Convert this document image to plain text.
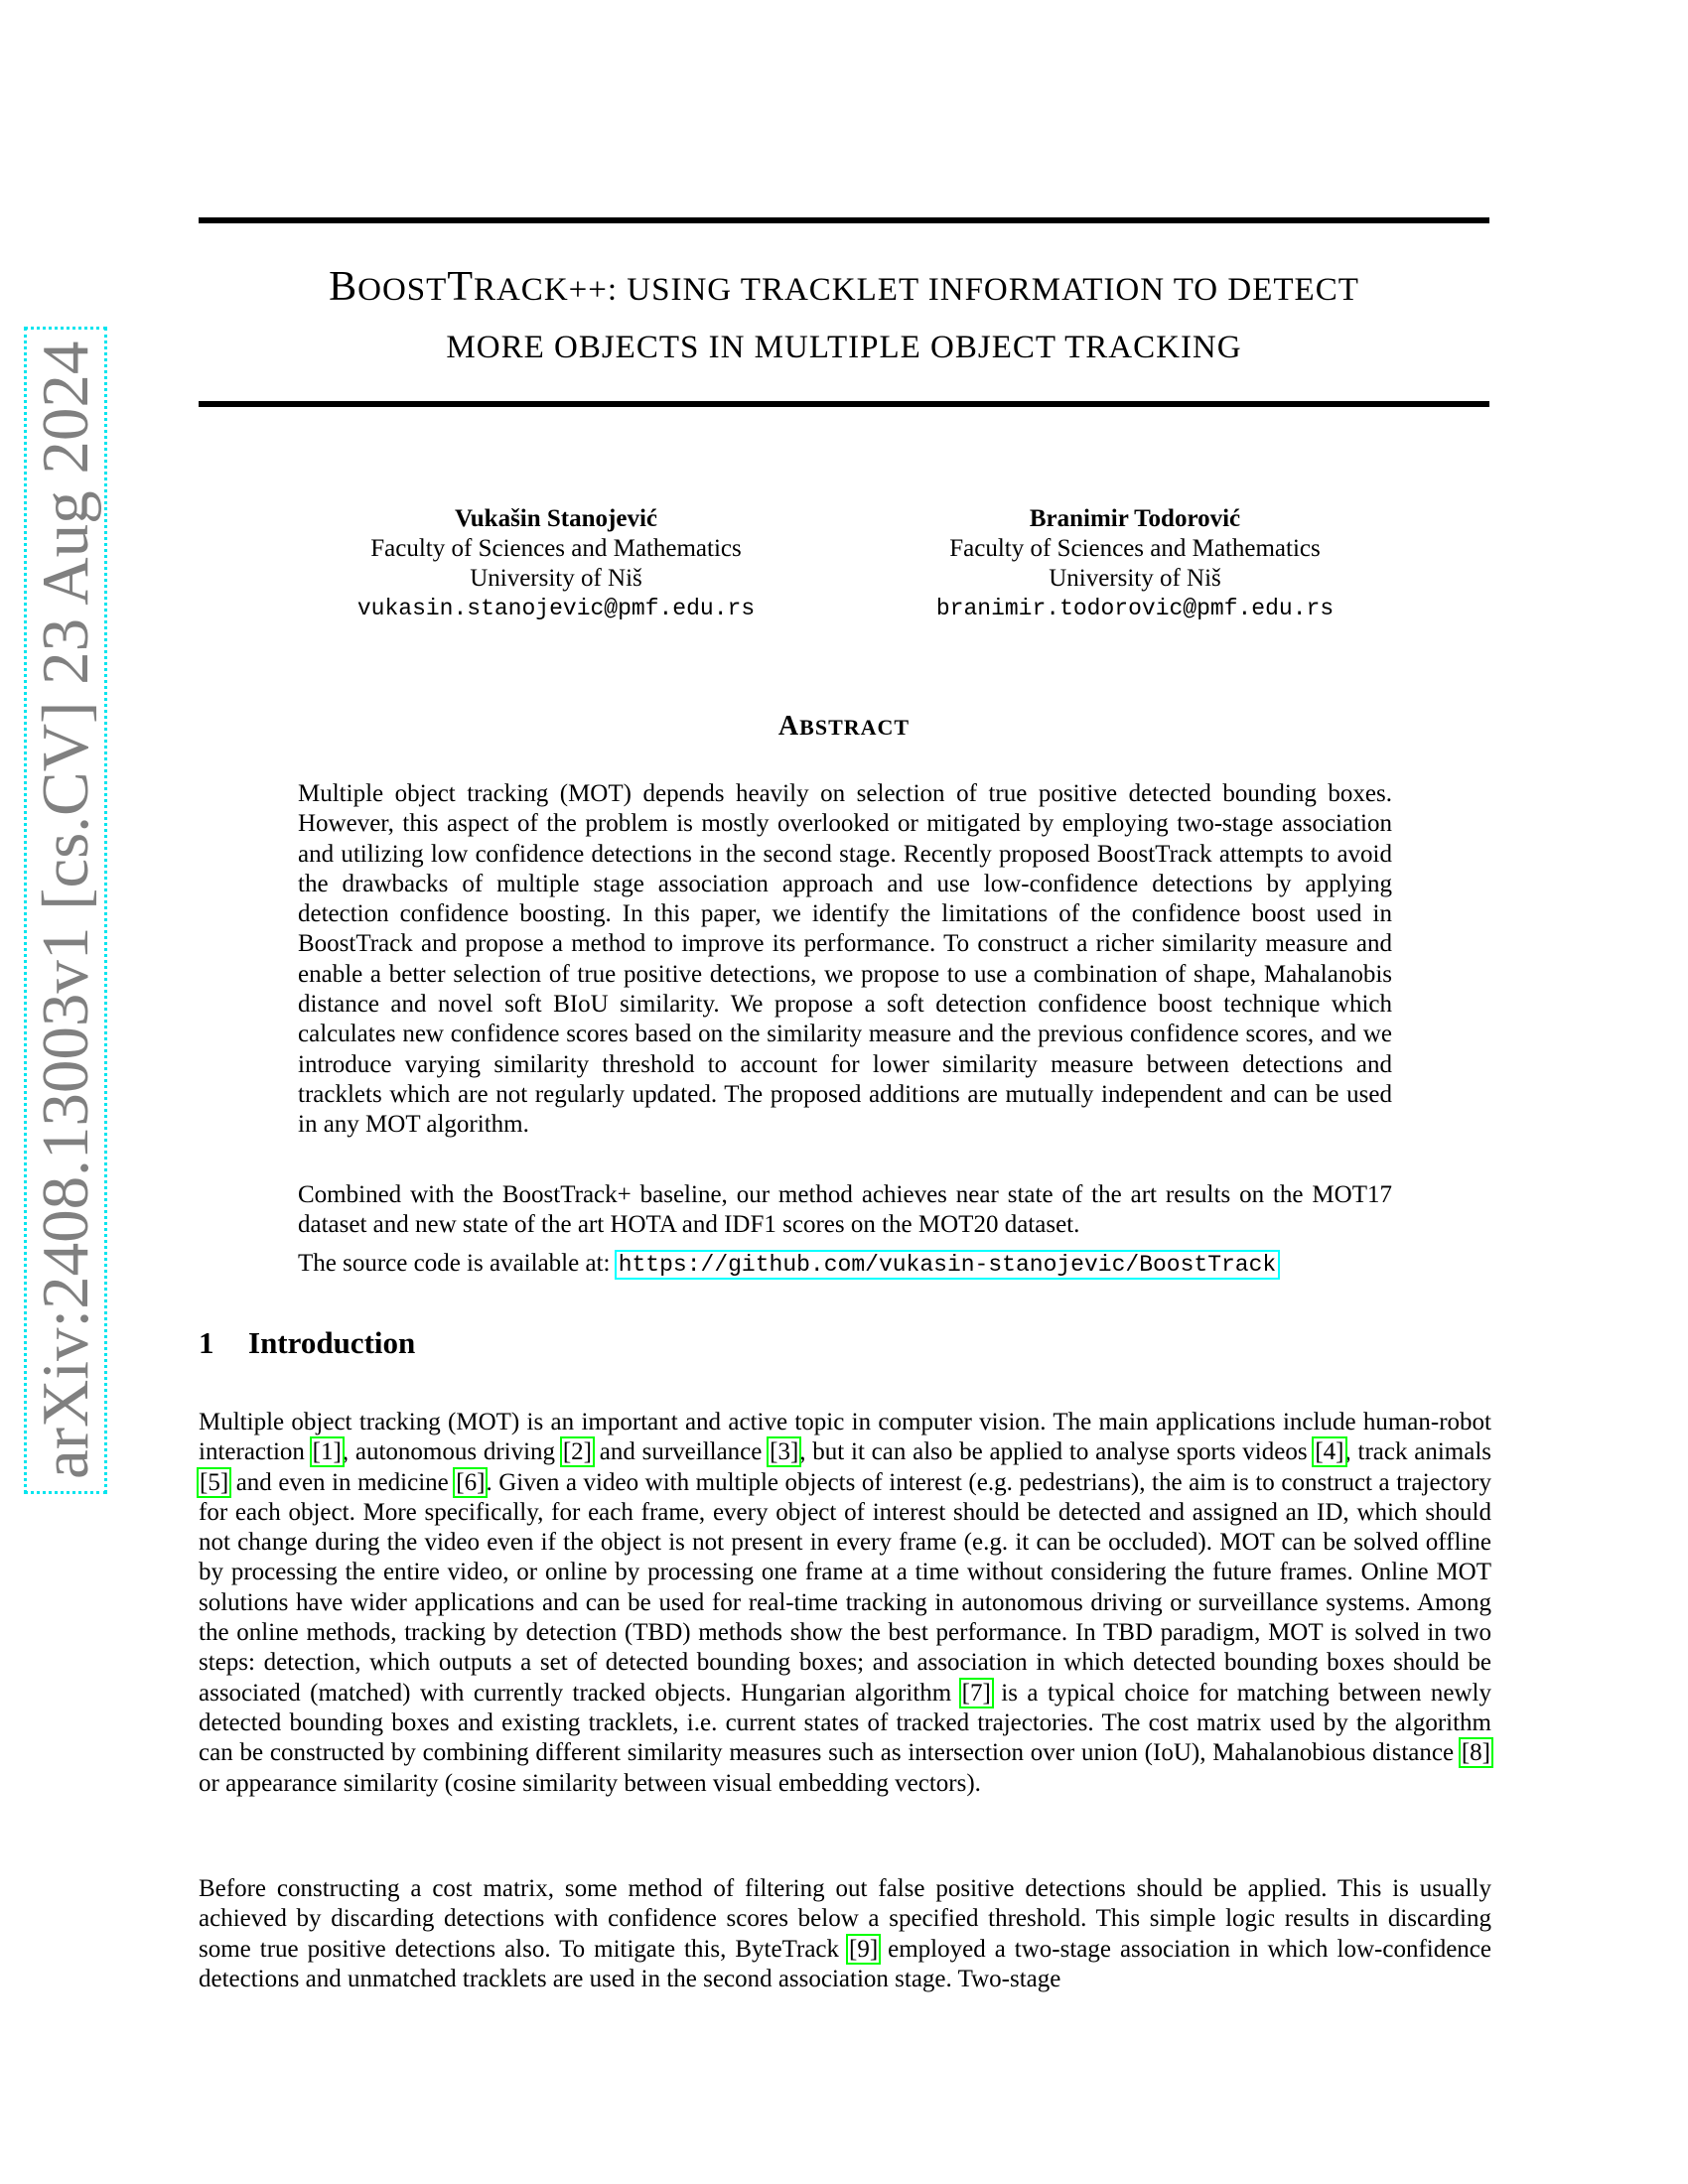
arXiv:2408.13003v1 [cs.CV] 23 Aug 2024
BOOSTTRACK++: USING TRACKLET INFORMATION TO DETECT
MORE OBJECTS IN MULTIPLE OBJECT TRACKING
Vukašin Stanojević
Faculty of Sciences and Mathematics
University of Niš
vukasin.stanojevic@pmf.edu.rs
Branimir Todorović
Faculty of Sciences and Mathematics
University of Niš
branimir.todorovic@pmf.edu.rs
ABSTRACT

Multiple object tracking (MOT) depends heavily on selection of true positive detected bounding boxes. However, this aspect of the problem is mostly overlooked or mitigated by employing two-stage association and utilizing low confidence detections in the second stage. Recently proposed BoostTrack attempts to avoid the drawbacks of multiple stage association approach and use low-confidence detections by applying detection confidence boosting. In this paper, we identify the limitations of the confidence boost used in BoostTrack and propose a method to improve its performance. To construct a richer similarity measure and enable a better selection of true positive detections, we propose to use a combination of shape, Mahalanobis distance and novel soft BIoU similarity. We propose a soft detection confidence boost technique which calculates new confidence scores based on the similarity measure and the previous confidence scores, and we introduce varying similarity threshold to account for lower similarity measure between detections and tracklets which are not regularly updated. The proposed additions are mutually independent and can be used in any MOT algorithm.

Combined with the BoostTrack+ baseline, our method achieves near state of the art results on the MOT17 dataset and new state of the art HOTA and IDF1 scores on the MOT20 dataset.

The source code is available at: https://github.com/vukasin-stanojevic/BoostTrack

1 Introduction

Multiple object tracking (MOT) is an important and active topic in computer vision. The main applications include human-robot interaction [1], autonomous driving [2] and surveillance [3], but it can also be applied to analyse sports videos [4], track animals [5] and even in medicine [6]. Given a video with multiple objects of interest (e.g. pedestrians), the aim is to construct a trajectory for each object. More specifically, for each frame, every object of interest should be detected and assigned an ID, which should not change during the video even if the object is not present in every frame (e.g. it can be occluded). MOT can be solved offline by processing the entire video, or online by processing one frame at a time without considering the future frames. Online MOT solutions have wider applications and can be used for real-time tracking in autonomous driving or surveillance systems. Among the online methods, tracking by detection (TBD) methods show the best performance. In TBD paradigm, MOT is solved in two steps: detection, which outputs a set of detected bounding boxes; and association in which detected bounding boxes should be associated (matched) with currently tracked objects. Hungarian algorithm [7] is a typical choice for matching between newly detected bounding boxes and existing tracklets, i.e. current states of tracked trajectories. The cost matrix used by the algorithm can be constructed by combining different similarity measures such as intersection over union (IoU), Mahalanobious distance [8] or appearance similarity (cosine similarity between visual embedding vectors).

Before constructing a cost matrix, some method of filtering out false positive detections should be applied. This is usually achieved by discarding detections with confidence scores below a specified threshold. This simple logic results in discarding some true positive detections also. To mitigate this, ByteTrack [9] employed a two-stage association in which low-confidence detections and unmatched tracklets are used in the second association stage. Two-stage
